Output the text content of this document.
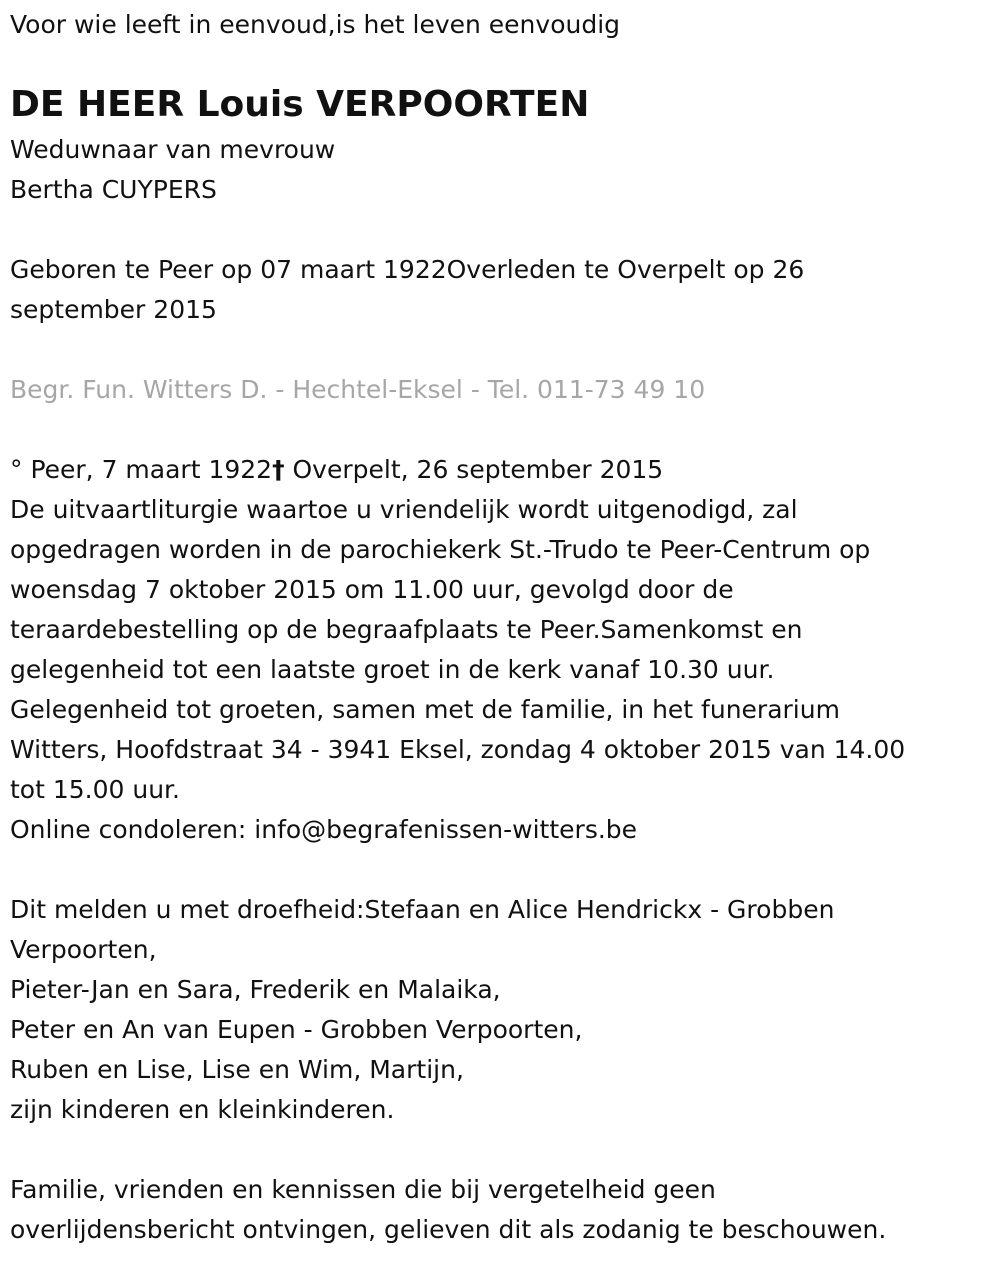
Voor wie leeft in eenvoud,is het leven eenvoudig
DE HEER Louis VERPOORTEN
Weduwnaar van mevrouw
Bertha CUYPERS
Geboren te Peer op 07 maart 1922Overleden te Overpelt op 26
september 2015
Begr. Fun. Witters D. - Hechtel-Eksel - Tel. 011-73 49 10
° Peer, 7 maart 1922† Overpelt, 26 september 2015
De uitvaartliturgie waartoe u vriendelijk wordt uitgenodigd, zal
opgedragen worden in de parochiekerk St.-Trudo te Peer-Centrum op
woensdag 7 oktober 2015 om 11.00 uur, gevolgd door de
teraardebestelling op de begraafplaats te Peer.Samenkomst en
gelegenheid tot een laatste groet in de kerk vanaf 10.30 uur.
Gelegenheid tot groeten, samen met de familie, in het funerarium
Witters, Hoofdstraat 34 - 3941 Eksel, zondag 4 oktober 2015 van 14.00
tot 15.00 uur.
Online condoleren: info@begrafenissen-witters.be
Dit melden u met droefheid:Stefaan en Alice Hendrickx - Grobben
Verpoorten,
Pieter-Jan en Sara, Frederik en Malaika,
Peter en An van Eupen - Grobben Verpoorten,
Ruben en Lise, Lise en Wim, Martijn,
zijn kinderen en kleinkinderen.
Familie, vrienden en kennissen die bij vergetelheid geen
overlijdensbericht ontvingen, gelieven dit als zodanig te beschouwen.
